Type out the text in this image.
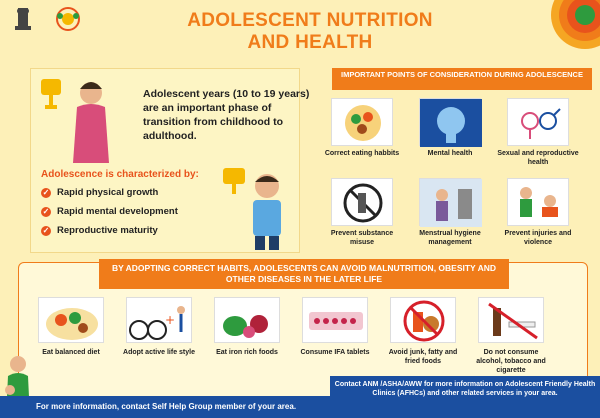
ADOLESCENT NUTRITION
AND HEALTH
Adolescent years (10 to 19 years) are an important phase of transition from childhood to adulthood.
Adolescence is characterized by:
✓ Rapid physical growth
✓ Rapid mental development
✓ Reproductive maturity
IMPORTANT POINTS OF CONSIDERATION DURING ADOLESCENCE
Correct eating habbits	Mental health	Sexual and reproductive health
Prevent substance misuse
Menstrual hygiene management
Prevent injuries and violence
BY ADOPTING CORRECT HABITS, ADOLESCENTS CAN AVOID MALNUTRITION, OBESITY AND OTHER DISEASES IN THE LATER LIFE
Eat balanced diet
+
Adopt active life style	Eat iron rich foods	Consume IFA tablets	Avoid junk, fatty and fried foods
Do not consume alcohol, tobacco and cigarette
For more information, contact Self Help Group member of your area.
Contact ANM /ASHA/AWW for more information on Adolescent Friendly Health Clinics (AFHCs) and other related services in your area.
